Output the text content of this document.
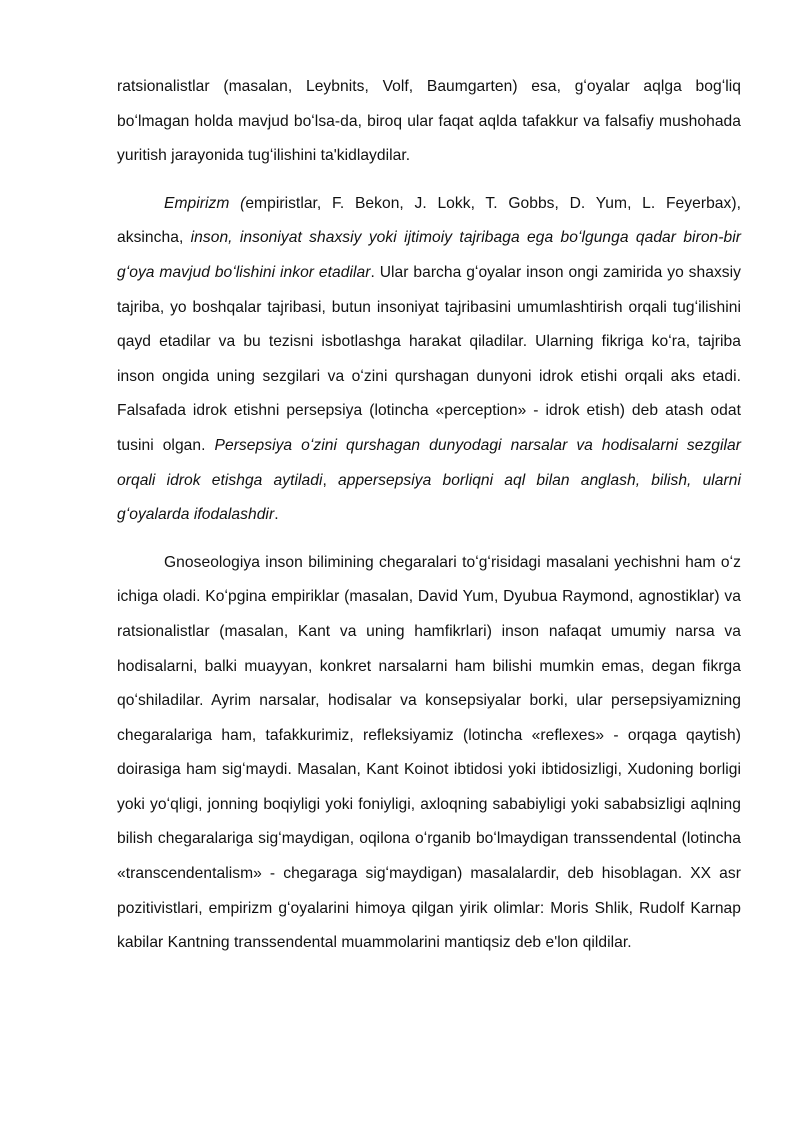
ratsionalistlar (masalan, Leybnits, Volf, Baumgarten) esa, gʻoyalar aqlga bogʻliq boʻlmagan holda mavjud boʻlsa-da, biroq ular faqat aqlda tafakkur va falsafiy mushohada yuritish jarayonida tugʻilishini ta'kidlaydilar.

Empirizm (empiristlar, F. Bekon, J. Lokk, T. Gobbs, D. Yum, L. Feyerbax), aksincha, inson, insoniyat shaxsiy yoki ijtimoiy tajribaga ega boʻlgunga qadar biron-bir gʻoya mavjud boʻlishini inkor etadilar. Ular barcha gʻoyalar inson ongi zamirida yo shaxsiy tajriba, yo boshqalar tajribasi, butun insoniyat tajribasini umumlashtirish orqali tugʻilishini qayd etadilar va bu tezisni isbotlashga harakat qiladilar. Ularning fikriga koʻra, tajriba inson ongida uning sezgilari va oʻzini qurshagan dunyoni idrok etishi orqali aks etadi. Falsafada idrok etishni persepsiya (lotincha «perception» - idrok etish) deb atash odat tusini olgan. Persepsiya oʻzini qurshagan dunyodagi narsalar va hodisalarni sezgilar orqali idrok etishga aytiladi, appersepsiya borliqni aql bilan anglash, bilish, ularni gʻoyalarda ifodalashdir.

Gnoseologiya inson bilimining chegaralari toʻgʻrisidagi masalani yechishni ham oʻz ichiga oladi. Koʻpgina empiriklar (masalan, David Yum, Dyubua Raymond, agnostiklar) va ratsionalistlar (masalan, Kant va uning hamfikrlari) inson nafaqat umumiy narsa va hodisalarni, balki muayyan, konkret narsalarni ham bilishi mumkin emas, degan fikrga qoʻshiladilar. Ayrim narsalar, hodisalar va konsepsiyalar borki, ular persepsiyamizning chegaralariga ham, tafakkurimiz, refleksiyamiz (lotincha «reflexes» - orqaga qaytish) doirasiga ham sigʻmaydi. Masalan, Kant Koinot ibtidosi yoki ibtidosizligi, Xudoning borligi yoki yoʻqligi, jonning boqiyligi yoki foniyligi, axloqning sababiyligi yoki sababsizligi aqlning bilish chegaralariga sigʻmaydigan, oqilona oʻrganib boʻlmaydigan transsendental (lotincha «transcendentalism» - chegaraga sigʻmaydigan) masalalardir, deb hisoblagan. XX asr pozitivistlari, empirizm gʻoyalarini himoya qilgan yirik olimlar: Moris Shlik, Rudolf Karnap kabilar Kantning transsendental muammolarini mantiqsiz deb e'lon qildilar.
